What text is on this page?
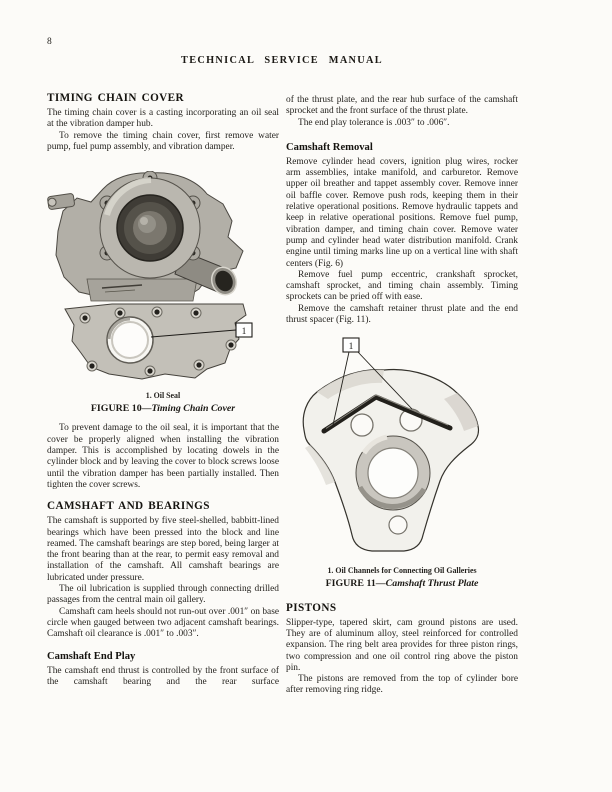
8
TECHNICAL SERVICE MANUAL
TIMING CHAIN COVER

The timing chain cover is a casting incorporating an oil seal at the vibration damper hub.

To remove the timing chain cover, first remove water pump, fuel pump assembly, and vibration damper.

1
1. Oil Seal
FIGURE 10—Timing Chain Cover

To prevent damage to the oil seal, it is important that the cover be properly aligned when installing the vibration damper. This is accomplished by locating dowels in the cylinder block and by leaving the cover to block screws loose until the vibration damper has been partially installed. Then tighten the cover screws.

CAMSHAFT AND BEARINGS

The camshaft is supported by five steel-shelled, babbitt-lined bearings which have been pressed into the block and line reamed. The camshaft bearings are step bored, being larger at the front bearing than at the rear, to permit easy removal and installation of the camshaft. All camshaft bearings are lubricated under pressure.

The oil lubrication is supplied through connecting drilled passages from the central main oil gallery.

Camshaft cam heels should not run-out over .001″ on base circle when gauged between two adjacent camshaft bearings. Camshaft oil clearance is .001″ to .003″.

Camshaft End Play

The camshaft end thrust is controlled by the front surface of the camshaft bearing and the rear surface

of the thrust plate, and the rear hub surface of the camshaft sprocket and the front surface of the thrust plate.

The end play tolerance is .003″ to .006″.

Camshaft Removal

Remove cylinder head covers, ignition plug wires, rocker arm assemblies, intake manifold, and carburetor. Remove upper oil breather and tappet assembly cover. Remove inner oil baffle cover. Remove push rods, keeping them in their relative operational positions. Remove hydraulic tappets and keep in relative operational positions. Remove fuel pump, vibration damper, and timing chain cover. Remove water pump and cylinder head water distribution manifold. Crank engine until timing marks line up on a vertical line with shaft centers (Fig. 6)

Remove fuel pump eccentric, crankshaft sprocket, camshaft sprocket, and timing chain assembly. Timing sprockets can be pried off with ease.

Remove the camshaft retainer thrust plate and the end thrust spacer (Fig. 11).

1
1. Oil Channels for Connecting Oil Galleries
FIGURE 11—Camshaft Thrust Plate
PISTONS

Slipper-type, tapered skirt, cam ground pistons are used. They are of aluminum alloy, steel reinforced for controlled expansion. The ring belt area provides for three piston rings, two compression and one oil control ring above the piston pin.

The pistons are removed from the top of cylinder bore after removing ring ridge.
